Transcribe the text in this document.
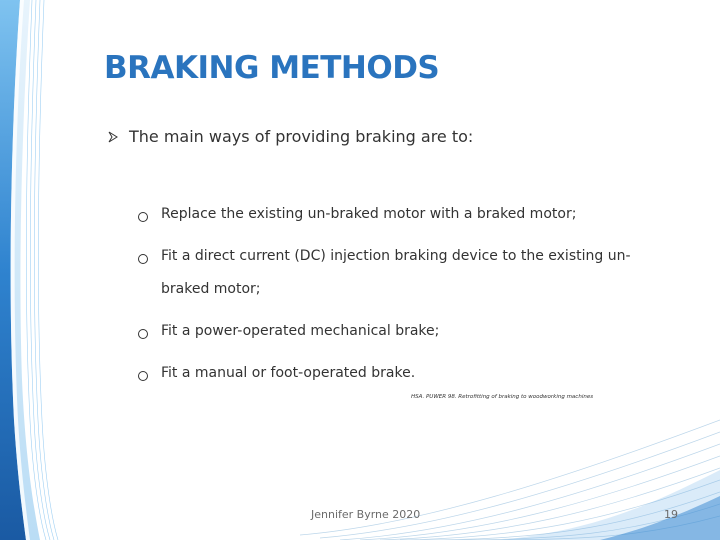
BRAKING METHODS
The main ways of providing braking are to:
Replace the existing un-braked motor with a braked motor;
Fit a direct current (DC) injection braking device to the existing un-braked motor;
Fit a power-operated mechanical brake;
Fit a manual or foot-operated brake.
HSA. PUWER 98. Retrofitting of braking to woodworking machines
Jennifer Byrne 2020	19
